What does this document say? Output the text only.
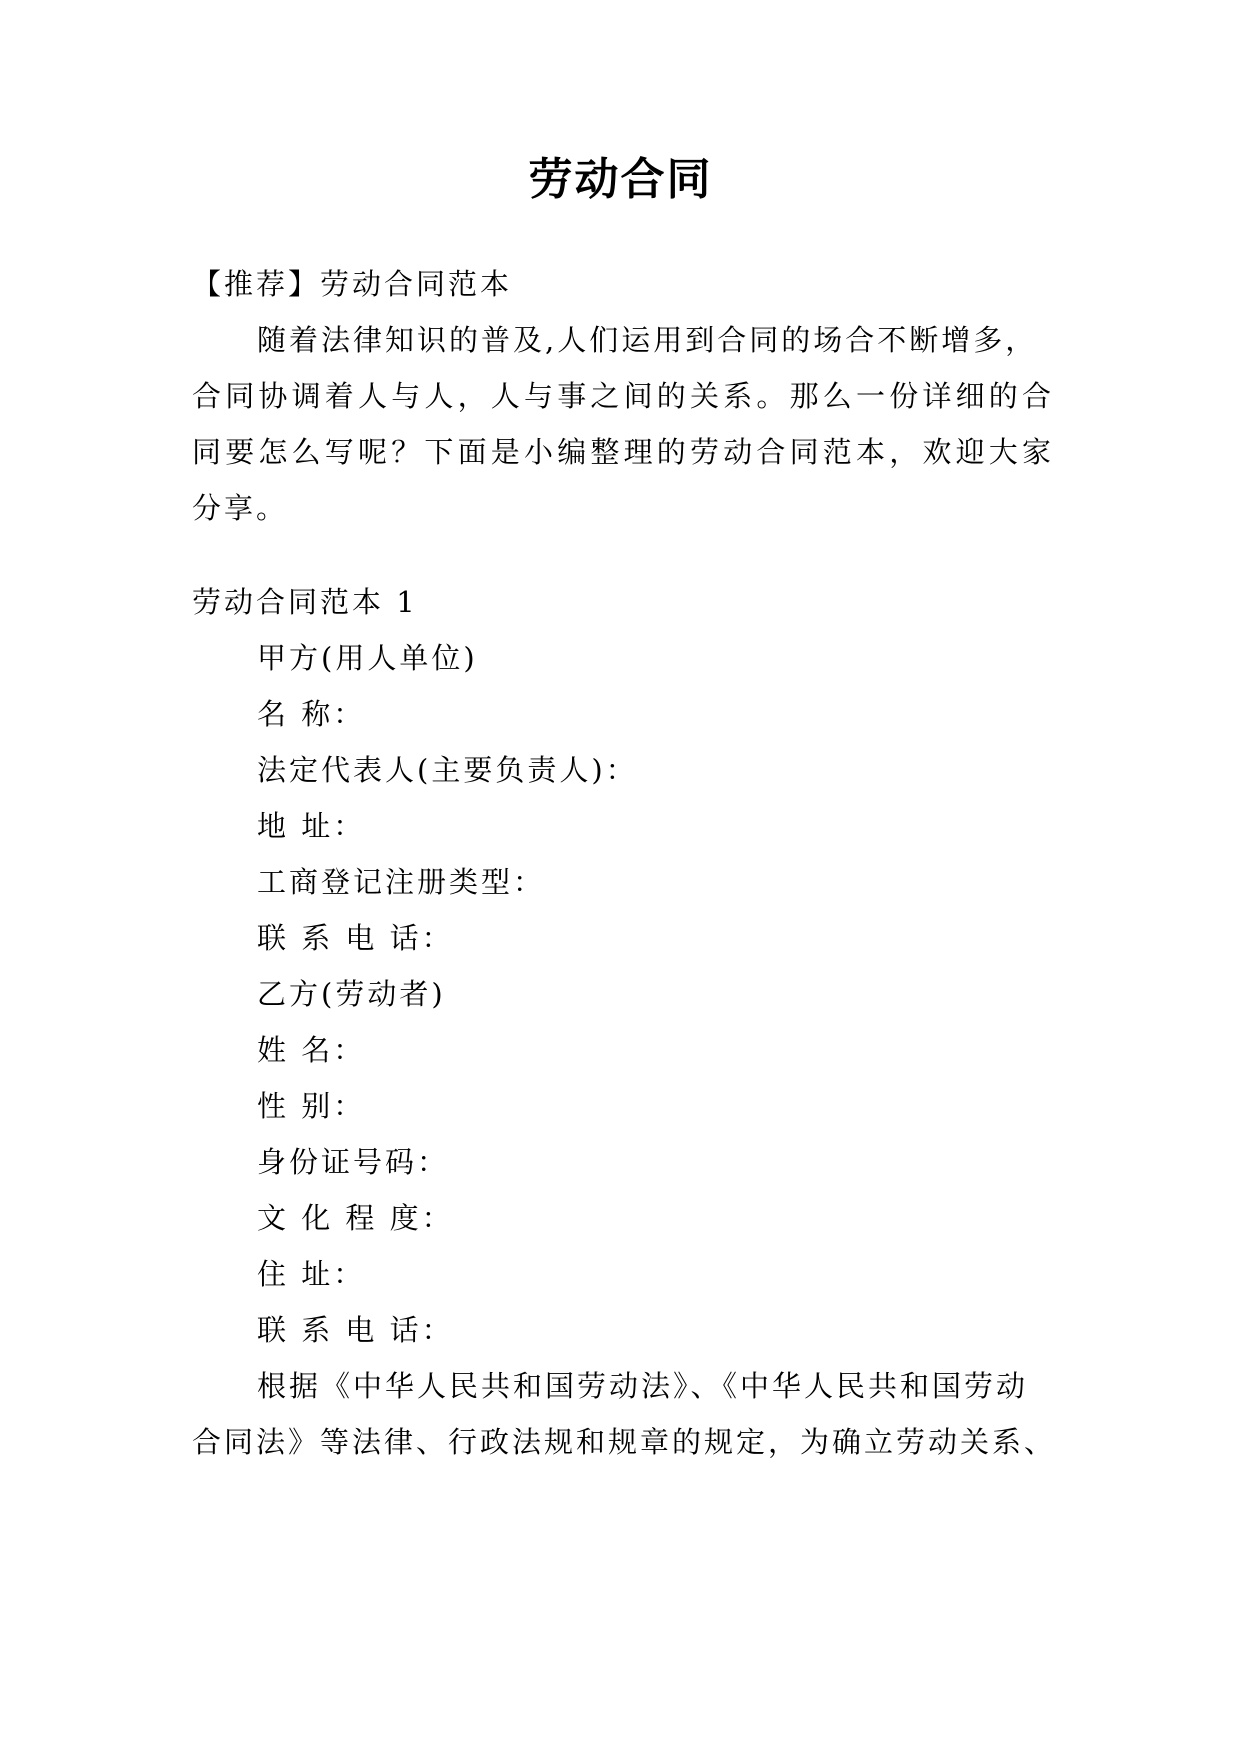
劳动合同
【推荐】劳动合同范本
随着法律知识的普及,人们运用到合同的场合不断增多，
合同协调着人与人，人与事之间的关系。那么一份详细的合
同要怎么写呢？下面是小编整理的劳动合同范本，欢迎大家
分享。
劳动合同范本 1
甲方(用人单位)
名 称：
法定代表人(主要负责人)：
地 址：
工商登记注册类型：
联 系 电 话：
乙方(劳动者)
姓 名：
性 别：
身份证号码：
文 化 程 度：
住 址：
联 系 电 话：
根据《中华人民共和国劳动法》、《中华人民共和国劳动
合同法》等法律、行政法规和规章的规定，为确立劳动关系、
